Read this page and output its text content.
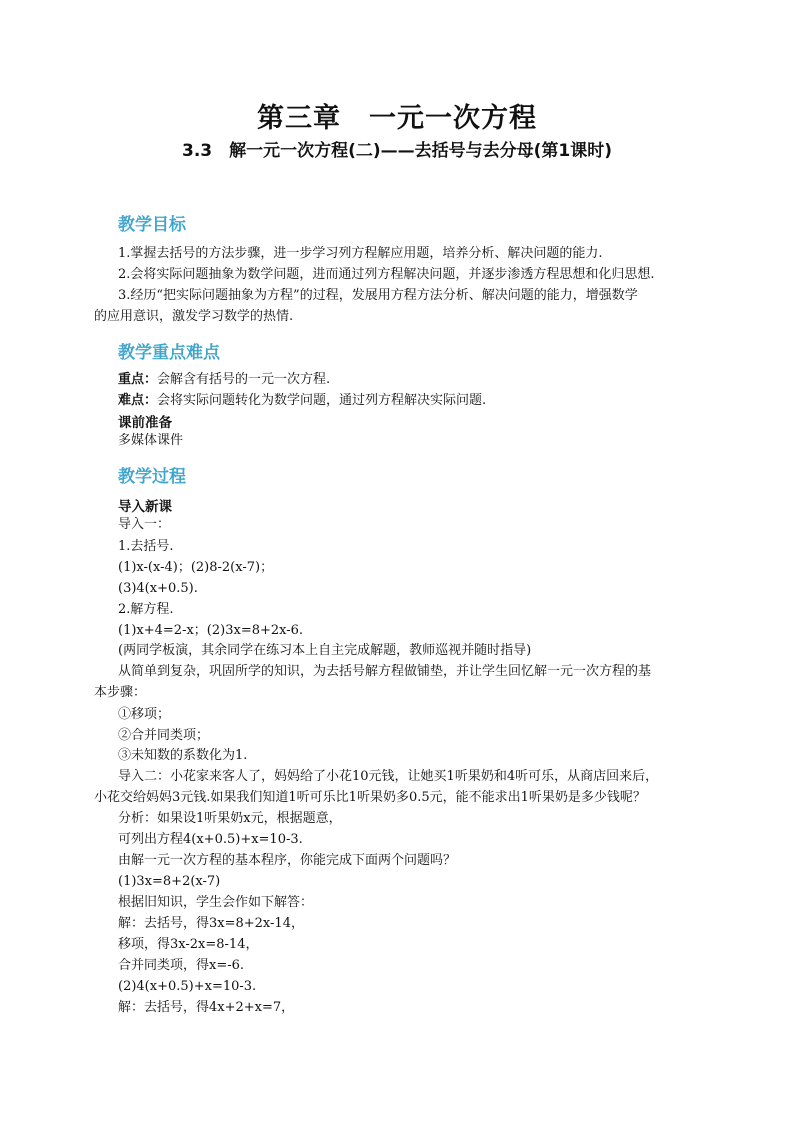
第三章　一元一次方程
3.3　解一元一次方程(二)——去括号与去分母(第1课时)
教学目标
1.掌握去括号的方法步骤，进一步学习列方程解应用题，培养分析、解决问题的能力.
2.会将实际问题抽象为数学问题，进而通过列方程解决问题，并逐步渗透方程思想和化归思想.
3.经历“把实际问题抽象为方程”的过程，发展用方程方法分析、解决问题的能力，增强数学
的应用意识，激发学习数学的热情.
教学重点难点
重点：会解含有括号的一元一次方程.
难点：会将实际问题转化为数学问题，通过列方程解决实际问题.
课前准备
多媒体课件
教学过程
导入新课
导入一：
1.去括号.
(1)x-(x-4)；(2)8-2(x-7)；
(3)4(x+0.5).
2.解方程.
(1)x+4=2-x；(2)3x=8+2x-6.
(两同学板演，其余同学在练习本上自主完成解题，教师巡视并随时指导)
从简单到复杂，巩固所学的知识，为去括号解方程做铺垫，并让学生回忆解一元一次方程的基
本步骤：
①移项；
②合并同类项；
③未知数的系数化为1.
导入二：小花家来客人了，妈妈给了小花10元钱，让她买1听果奶和4听可乐，从商店回来后，
小花交给妈妈3元钱.如果我们知道1听可乐比1听果奶多0.5元，能不能求出1听果奶是多少钱呢？
分析：如果设1听果奶x元，根据题意，
可列出方程4(x+0.5)+x=10-3.
由解一元一次方程的基本程序，你能完成下面两个问题吗？
(1)3x=8+2(x-7)
根据旧知识，学生会作如下解答：
解：去括号，得3x=8+2x-14，
移项，得3x-2x=8-14，
合并同类项，得x=-6.
(2)4(x+0.5)+x=10-3.
解：去括号，得4x+2+x=7，
